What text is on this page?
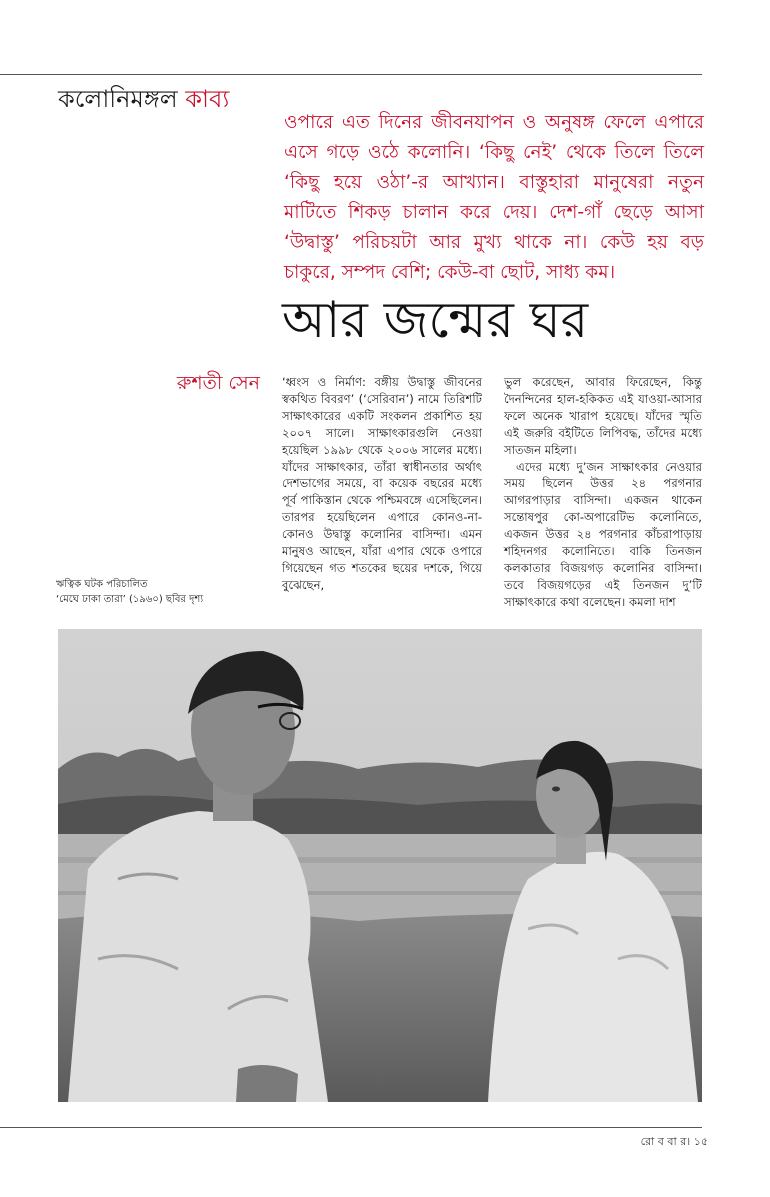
কলোনিমঙ্গল কাব্য
ওপারে এত দিনের জীবনযাপন ও অনুষঙ্গ ফেলে এপারে এসে গড়ে ওঠে কলোনি। ‘কিছু নেই’ থেকে তিলে তিলে ‘কিছু হয়ে ওঠা’-র আখ্যান। বাস্তুহারা মানুষেরা নতুন মাটিতে শিকড় চালান করে দেয়। দেশ-গাঁ ছেড়ে আসা ‘উদ্বাস্তু’ পরিচয়টা আর মুখ্য থাকে না। কেউ হয় বড় চাকুরে, সম্পদ বেশি; কেউ-বা ছোট, সাধ্য কম।
আর জন্মের ঘর
রুশতী সেন ‘ধ্বংস ও নির্মাণ: বঙ্গীয় উদ্বাস্তু জীবনের স্বকথিত বিবরণ’ (‘সেরিবান’) নামে তিরিশটি সাক্ষাৎকারের একটি সংকলন প্রকাশিত হয় ২০০৭ সালে। সাক্ষাৎকারগুলি নেওয়া হয়েছিল ১৯৯৮ থেকে ২০০৬ সালের মধ্যে। যাঁদের সাক্ষাৎকার, তাঁরা স্বাধীনতার অর্থাৎ দেশভাগের সময়ে, বা কয়েক বছরের মধ্যে পূর্ব পাকিস্তান থেকে পশ্চিমবঙ্গে এসেছিলেন। তারপর হয়েছিলেন এপারে কোনও-না-কোনও উদ্বাস্তু কলোনির বাসিন্দা। এমন মানুষও আছেন, যাঁরা এপার থেকে ওপারে গিয়েছেন গত শতকের ছয়ের দশকে, গিয়ে বুঝেছেন,

ভুল করেছেন, আবার ফিরেছেন, কিন্তু দৈনন্দিনের হাল-হকিকত এই যাওয়া-আসার ফলে অনেক খারাপ হয়েছে। যাঁদের স্মৃতি এই জরুরি বইটিতে লিপিবদ্ধ, তাঁদের মধ্যে সাতজন মহিলা।

এদের মধ্যে দু’জন সাক্ষাৎকার নেওয়ার সময় ছিলেন উত্তর ২৪ পরগনার আগরপাড়ার বাসিন্দা। একজন থাকেন সন্তোষপুর কো-অপারেটিভ কলোনিতে, একজন উত্তর ২৪ পরগনার কাঁচরাপাড়ায় শহিদনগর কলোনিতে। বাকি তিনজন কলকাতার বিজয়গড় কলোনির বাসিন্দা। তবে বিজয়গড়ের এই তিনজন দু’টি সাক্ষাৎকারে কথা বলেছেন। কমলা দাশ

ঋত্বিক ঘটক পরিচালিত
‘মেঘে ঢাকা তারা’ (১৯৬০) ছবির দৃশ্য
রো ব বা র। ১৫
